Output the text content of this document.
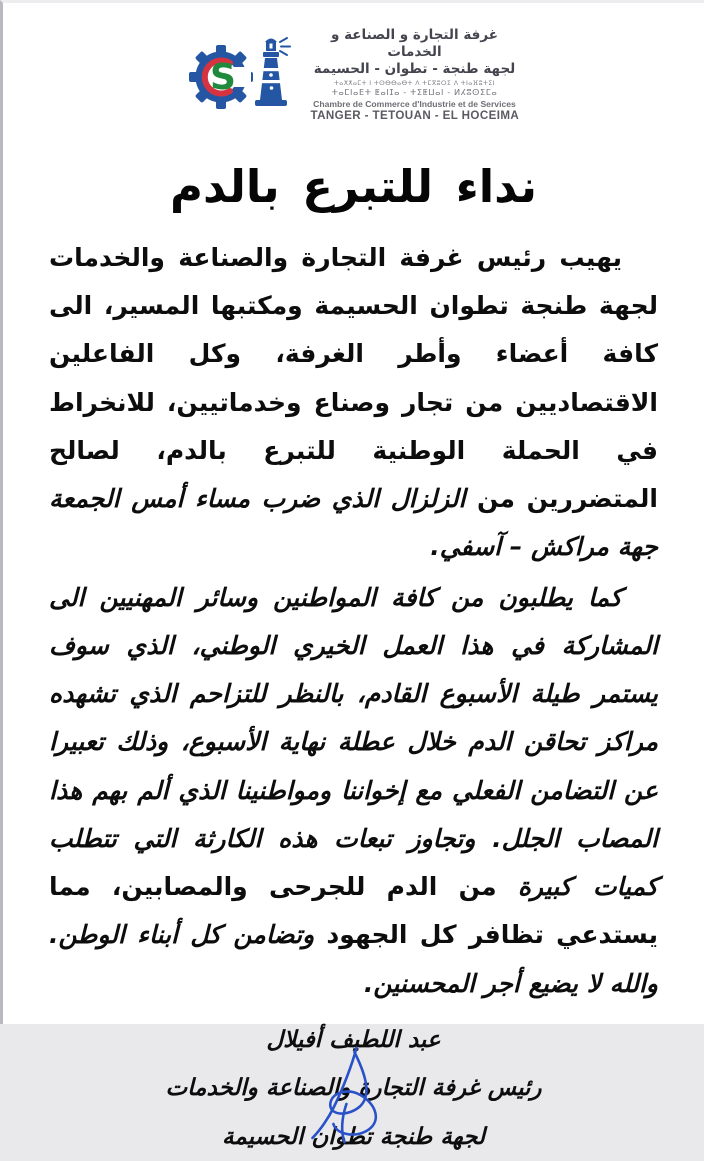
S
غرفة التجارة و الصناعة و الخدمات
لجهة طنجة - تطوان - الحسيمة
ⵜⴰⵅⵅⴰⵎⵜ ⵏ ⵜⵙⴱⴱⴰⴱⵜ ⴷ ⵜⵎⴳⵓⵔⵉ ⴷ ⵜⵏⴰⴼⵓⵜⵉⵏ
ⵜⴰⵎⵏⴰⴹⵜ ⵟⴰⵏⵊⴰ - ⵜⵉⵟⵡⴰⵏ - ⵍⵃⵓⵙⵉⵎⴰ
Chambre de Commerce d'Industrie et de Services
TANGER - TETOUAN - EL HOCEIMA
نداء للتبرع بالدم

يهيب رئيس غرفة التجارة والصناعة والخدمات لجهة طنجة تطوان الحسيمة ومكتبها المسير، الى كافة أعضاء وأطر الغرفة، وكل الفاعلين الاقتصاديين من تجار وصناع وخدماتيين، للانخراط في الحملة الوطنية للتبرع بالدم، لصالح المتضررين من الزلزال الذي ضرب مساء أمس الجمعة جهة مراكش – آسفي.

كما يطلبون من كافة المواطنين وسائر المهنيين الى المشاركة في هذا العمل الخيري الوطني، الذي سوف يستمر طيلة الأسبوع القادم، بالنظر للتزاحم الذي تشهده مراكز تحاقن الدم خلال عطلة نهاية الأسبوع، وذلك تعبيرا عن التضامن الفعلي مع إخواننا ومواطنينا الذي ألم بهم هذا المصاب الجلل. وتجاوز تبعات هذه الكارثة التي تتطلب كميات كبيرة من الدم للجرحى والمصابين، مما يستدعي تظافر كل الجهود وتضامن كل أبناء الوطن. والله لا يضيع أجر المحسنين.

عبد اللطيف أفيلال
رئيس غرفة التجارة والصناعة والخدمات
لجهة طنجة تطوان الحسيمة
